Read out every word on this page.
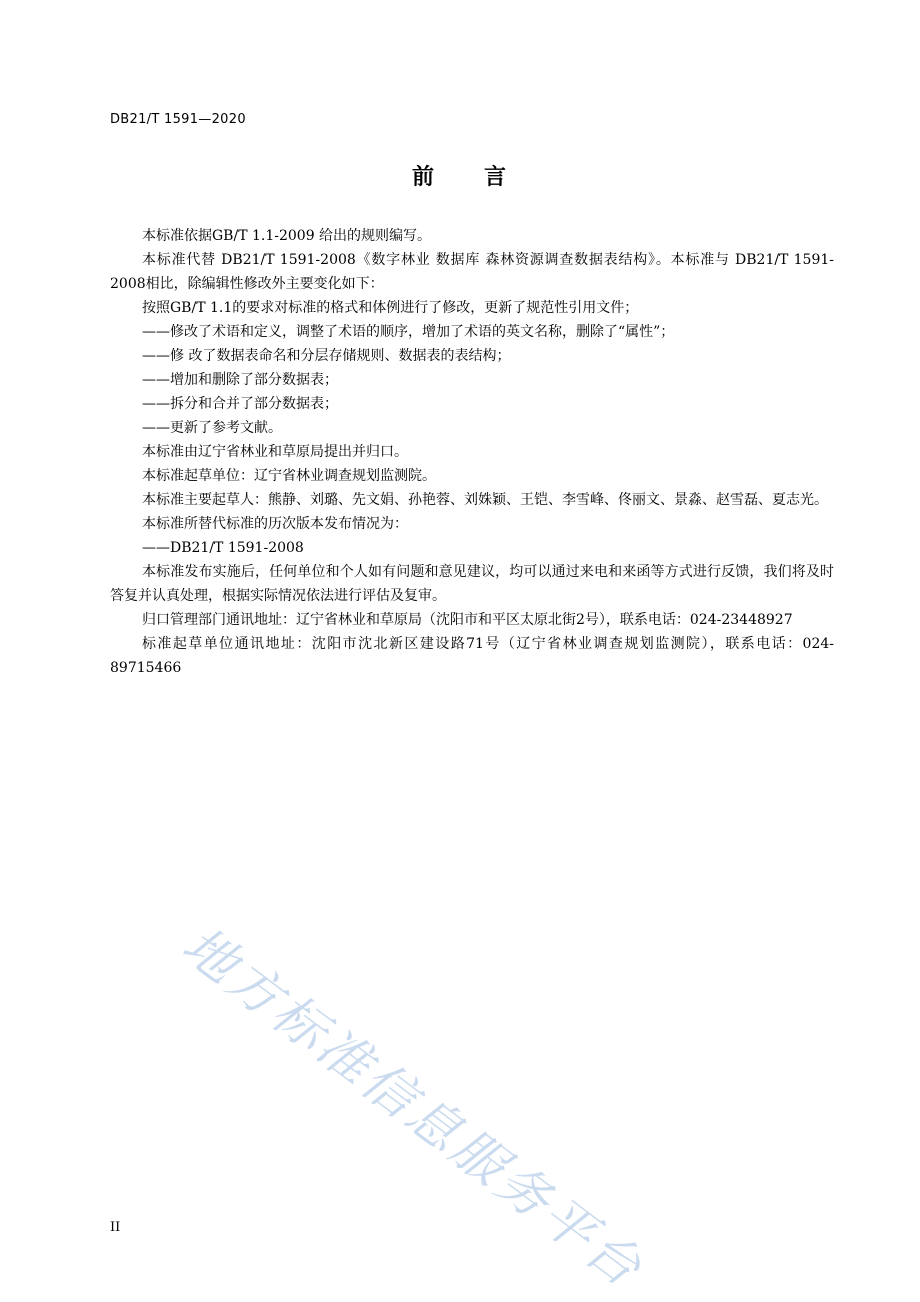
DB21/T 1591—2020
前　　言

本标准依据GB/T 1.1-2009 给出的规则编写。

本标准代替 DB21/T 1591-2008《数字林业 数据库 森林资源调查数据表结构》。本标准与 DB21/T 1591-2008相比，除编辑性修改外主要变化如下：

按照GB/T 1.1的要求对标准的格式和体例进行了修改，更新了规范性引用文件；

——修改了术语和定义，调整了术语的顺序，增加了术语的英文名称，删除了“属性”；

——修 改了数据表命名和分层存储规则、数据表的表结构；

——增加和删除了部分数据表；

——拆分和合并了部分数据表；

——更新了参考文献。

本标准由辽宁省林业和草原局提出并归口。

本标准起草单位：辽宁省林业调查规划监测院。

本标准主要起草人：熊静、刘璐、先文娟、孙艳蓉、刘姝颖、王铠、李雪峰、佟丽文、景淼、赵雪磊、夏志光。

本标准所替代标准的历次版本发布情况为：

——DB21/T 1591-2008

本标准发布实施后，任何单位和个人如有问题和意见建议，均可以通过来电和来函等方式进行反馈，我们将及时答复并认真处理，根据实际情况依法进行评估及复审。

归口管理部门通讯地址：辽宁省林业和草原局（沈阳市和平区太原北街2号），联系电话：024-23448927

标准起草单位通讯地址：沈阳市沈北新区建设路71号（辽宁省林业调查规划监测院），联系电话：024-89715466

地方标准信息服务平台
II
